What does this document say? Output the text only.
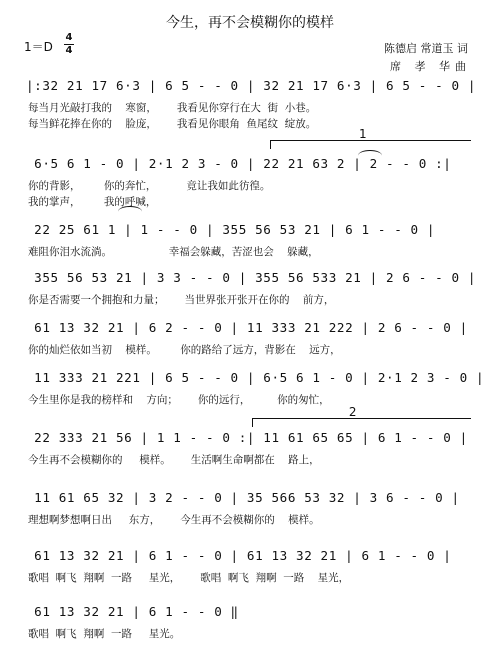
今生，再不会模糊你的模样
1＝D
4
4	陈德启 常道玉 词
席 孝 华曲
1
2
|:32 21 17 6·3 | 6 5 - - 0 | 32 21 17 6·3 | 6 5 - - 0 |
每当月光敲打我的    寒窗，      我看见你穿行在大  街  小巷。
每当鲜花捧在你的    脸庞，      我看见你眼角  鱼尾纹  绽放。
6·5 6 1 - 0 | 2·1 2 3 - 0 | 22 21 63 2 | 2 - - 0 :|
你的背影，       你的奔忙，         竟让我如此彷徨。
我的掌声，       我的呼喊，
22 25 61 1 | 1 - - 0 | 355 56 53 21 | 6 1 - - 0 |
难阻你泪水流淌。                 幸福会躲藏，苦涩也会    躲藏，
355 56 53 21 | 3 3 - - 0 | 355 56 533 21 | 2 6 - - 0 |
你是否需要一个拥抱和力量；      当世界张开张开在你的    前方，
61 13 32 21 | 6 2 - - 0 | 11 333 21 222 | 2 6 - - 0 |
你的灿烂依如当初    模样。       你的路给了远方，背影在    远方，
11 333 21 221 | 6 5 - - 0 | 6·5 6 1 - 0 | 2·1 2 3 - 0 |
今生里你是我的榜样和    方向；      你的远行，        你的匆忙，
22 333 21 56 | 1 1 - - 0 :| 11 61 65 65 | 6 1 - - 0 |
今生再不会模糊你的     模样。      生活啊生命啊都在    路上，
11 61 65 32 | 3 2 - - 0 | 35 566 53 32 | 3 6 - - 0 |
理想啊梦想啊日出     东方，      今生再不会模糊你的    模样。
61 13 32 21 | 6 1 - - 0 | 61 13 32 21 | 6 1 - - 0 |
歌唱  啊飞  翔啊  一路     星光，      歌唱  啊飞  翔啊  一路    星光，
61 13 32 21 | 6 1 - - 0 ‖
歌唱  啊飞  翔啊  一路     星光。
